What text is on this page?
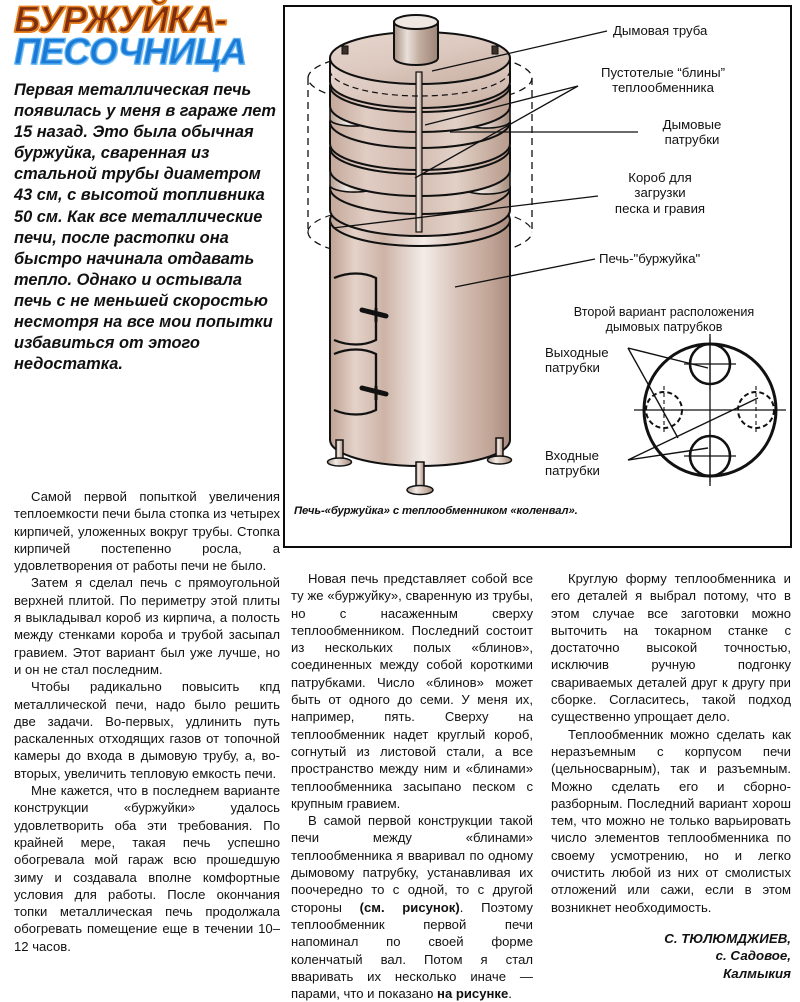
БУРЖУЙКА-
ПЕСОЧНИЦА
Первая металлическая печь появилась у меня в гараже лет 15 назад. Это была обычная буржуйка, сваренная из стальной трубы диаметром 43 см, с высотой топливника 50 см. Как все металлические печи, после растопки она быстро начинала отдавать тепло. Однако и остывала печь с не меньшей скоростью несмотря на все мои попытки избавиться от этого недостатка.

Самой первой попыткой увеличения теплоемкости печи была стопка из четырех кирпичей, уложенных вокруг трубы. Стопка кирпичей постепенно росла, а удовлетворения от работы печи не было.

Затем я сделал печь с прямоугольной верхней плитой. По периметру этой плиты я выкладывал короб из кирпича, а полость между стенками короба и трубой засыпал гравием. Этот вариант был уже лучше, но и он не стал последним.

Чтобы радикально повысить кпд металлической печи, надо было решить две задачи. Во-первых, удлинить путь раскаленных отходящих газов от топочной камеры до входа в дымовую трубу, а, во-вторых, увеличить тепловую емкость печи.

Мне кажется, что в последнем варианте конструкции «буржуйки» удалось удовлетворить оба эти требования. По крайней мере, такая печь успешно обогревала мой гараж всю прошедшую зиму и создавала вполне комфортные условия для работы. После окончания топки металлическая печь продолжала обогревать помещение еще в течении 10–12 часов.

Новая печь представляет собой все ту же «буржуйку», сваренную из трубы, но с насаженным сверху теплообменником. Последний состоит из нескольких полых «блинов», соединенных между собой короткими патрубками. Число «блинов» может быть от одного до семи. У меня их, например, пять. Сверху на теплообменник надет круглый короб, согнутый из листовой стали, а все пространство между ним и «блинами» теплообменника засыпано песком с крупным гравием.

В самой первой конструкции такой печи между «блинами» теплообменника я вваривал по одному дымовому патрубку, устанавливая их поочередно то с одной, то с другой стороны (см. рисунок). Поэтому теплообменник первой печи напоминал по своей форме коленчатый вал. Потом я стал вваривать их несколько иначе — парами, что и показано на рисунке.

Круглую форму теплообменника и его деталей я выбрал потому, что в этом случае все заготовки можно выточить на токарном станке с достаточно высокой точностью, исключив ручную подгонку свариваемых деталей друг к другу при сборке. Согласитесь, такой подход существенно упрощает дело.

Теплообменник можно сделать как неразъемным с корпусом печи (цельносварным), так и разъемным. Можно сделать его и сборно-разборным. Последний вариант хорош тем, что можно не только варьировать число элементов теплообменника по своему усмотрению, но и легко очистить любой из них от смолистых отложений или сажи, если в этом возникнет необходимость.

С. ТЮЛЮМДЖИЕВ,
с. Садовое,
Калмыкия
Дымовая труба
Пустотелые “блины”
теплообменника
Дымовые
патрубки
Короб для
загрузки
песка и гравия
Печь-"буржуйка"
Второй вариант расположения
дымовых патрубков
Выходные
патрубки
Входные
патрубки
Печь-«буржуйка» с теплообменником «коленвал».
